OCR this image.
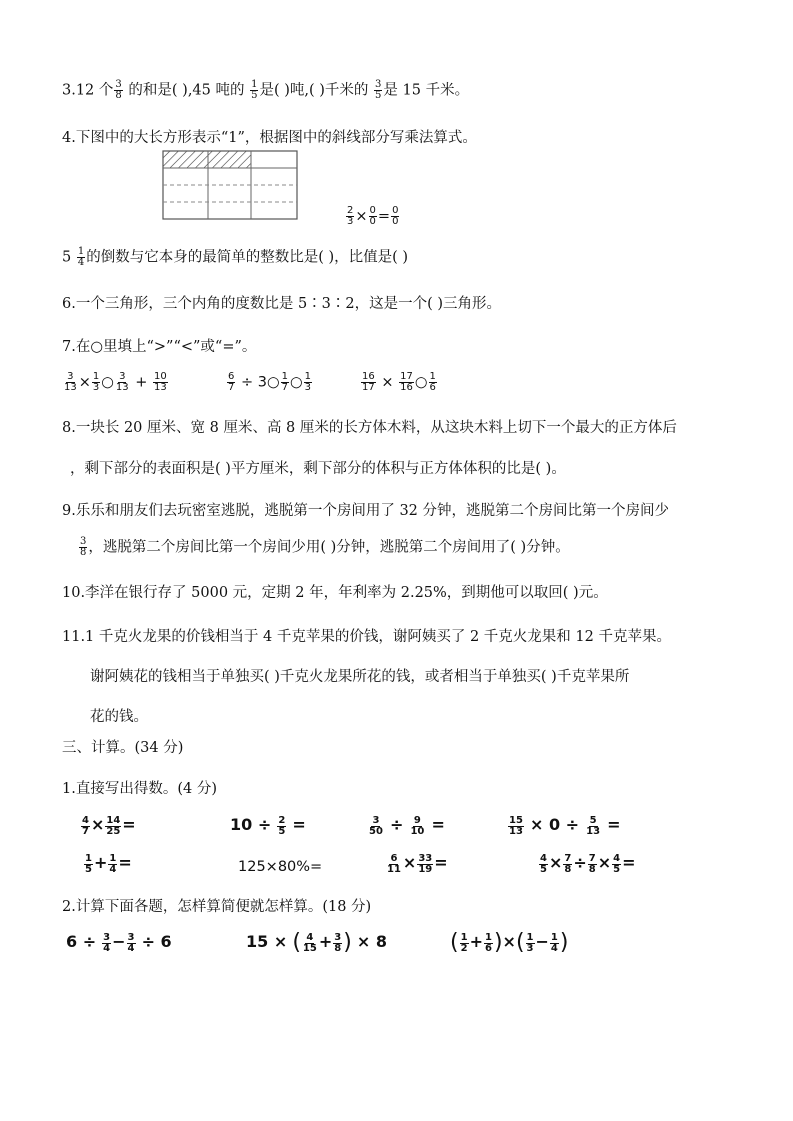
3.12 个 $\frac{3}{8}$ 的和是( ),45 吨的 $\frac{1}{5}$ 是( )吨,( )千米的 $\frac{3}{5}$ 是 15 千米。
4.下图中的大长方形表示“1”，根据图中的斜线部分写乘法算式。
$\frac{2}{3} \times \frac{0}{0} = \frac{0}{0}$
$5 \frac{1}{4}$ 的倒数与它本身的最简单的整数比是( )，比值是( )
6.一个三角形，三个内角的度数比是 5∶3∶2，这是一个( )三角形。
7.在○里填上“>”“<”或“=”。
$\frac{3}{13} \times \frac{1}{3}$ ○ $\frac{3}{13} + \frac{10}{13}$	$\frac{6}{7}$ ÷ 3○ $\frac{1}{7}$ ○ $\frac{1}{3}$	$\frac{16}{17} \times \frac{17}{16}$ ○ $\frac{1}{6}$
8.一块长 20 厘米、宽 8 厘米、高 8 厘米的长方体木料，从这块木料上切下一个最大的正方体后
，剩下部分的表面积是( )平方厘米，剩下部分的体积与正方体体积的比是( )。
9.乐乐和朋友们去玩密室逃脱，逃脱第一个房间用了 32 分钟，逃脱第二个房间比第一个房间少
$\frac{3}{8}$ ，逃脱第二个房间比第一个房间少用( )分钟，逃脱第二个房间用了( )分钟。
10.李洋在银行存了 5000 元，定期 2 年，年利率为 2.25%，到期他可以取回( )元。
11.1 千克火龙果的价钱相当于 4 千克苹果的价钱，谢阿姨买了 2 千克火龙果和 12 千克苹果。
谢阿姨花的钱相当于单独买( )千克火龙果所花的钱，或者相当于单独买( )千克苹果所
花的钱。
三、计算。(34 分)
1.直接写出得数。(4 分)
$\frac{4}{7} \times \frac{14}{25}$ =	$10 \div \frac{2}{5}$ =	$\frac{3}{50} \div \frac{9}{10}$ =	$\frac{15}{13} \times 0 \div \frac{5}{13}$ =
$\frac{1}{5} + \frac{1}{4}$ =	125×80%=	$\frac{6}{11} \times \frac{33}{19}$ =	$\frac{4}{5} \times \frac{7}{8} \div \frac{7}{8} \times \frac{4}{5}$ =
2.计算下面各题，怎样算简便就怎样算。(18 分)
$6 \div \frac{3}{4} - \frac{3}{4} \div 6$	15 × ( $\frac{4}{15} + \frac{3}{8}$ ) × 8	( $\frac{1}{2} + \frac{1}{6}$ )×( $\frac{1}{3} - \frac{1}{4}$ )
